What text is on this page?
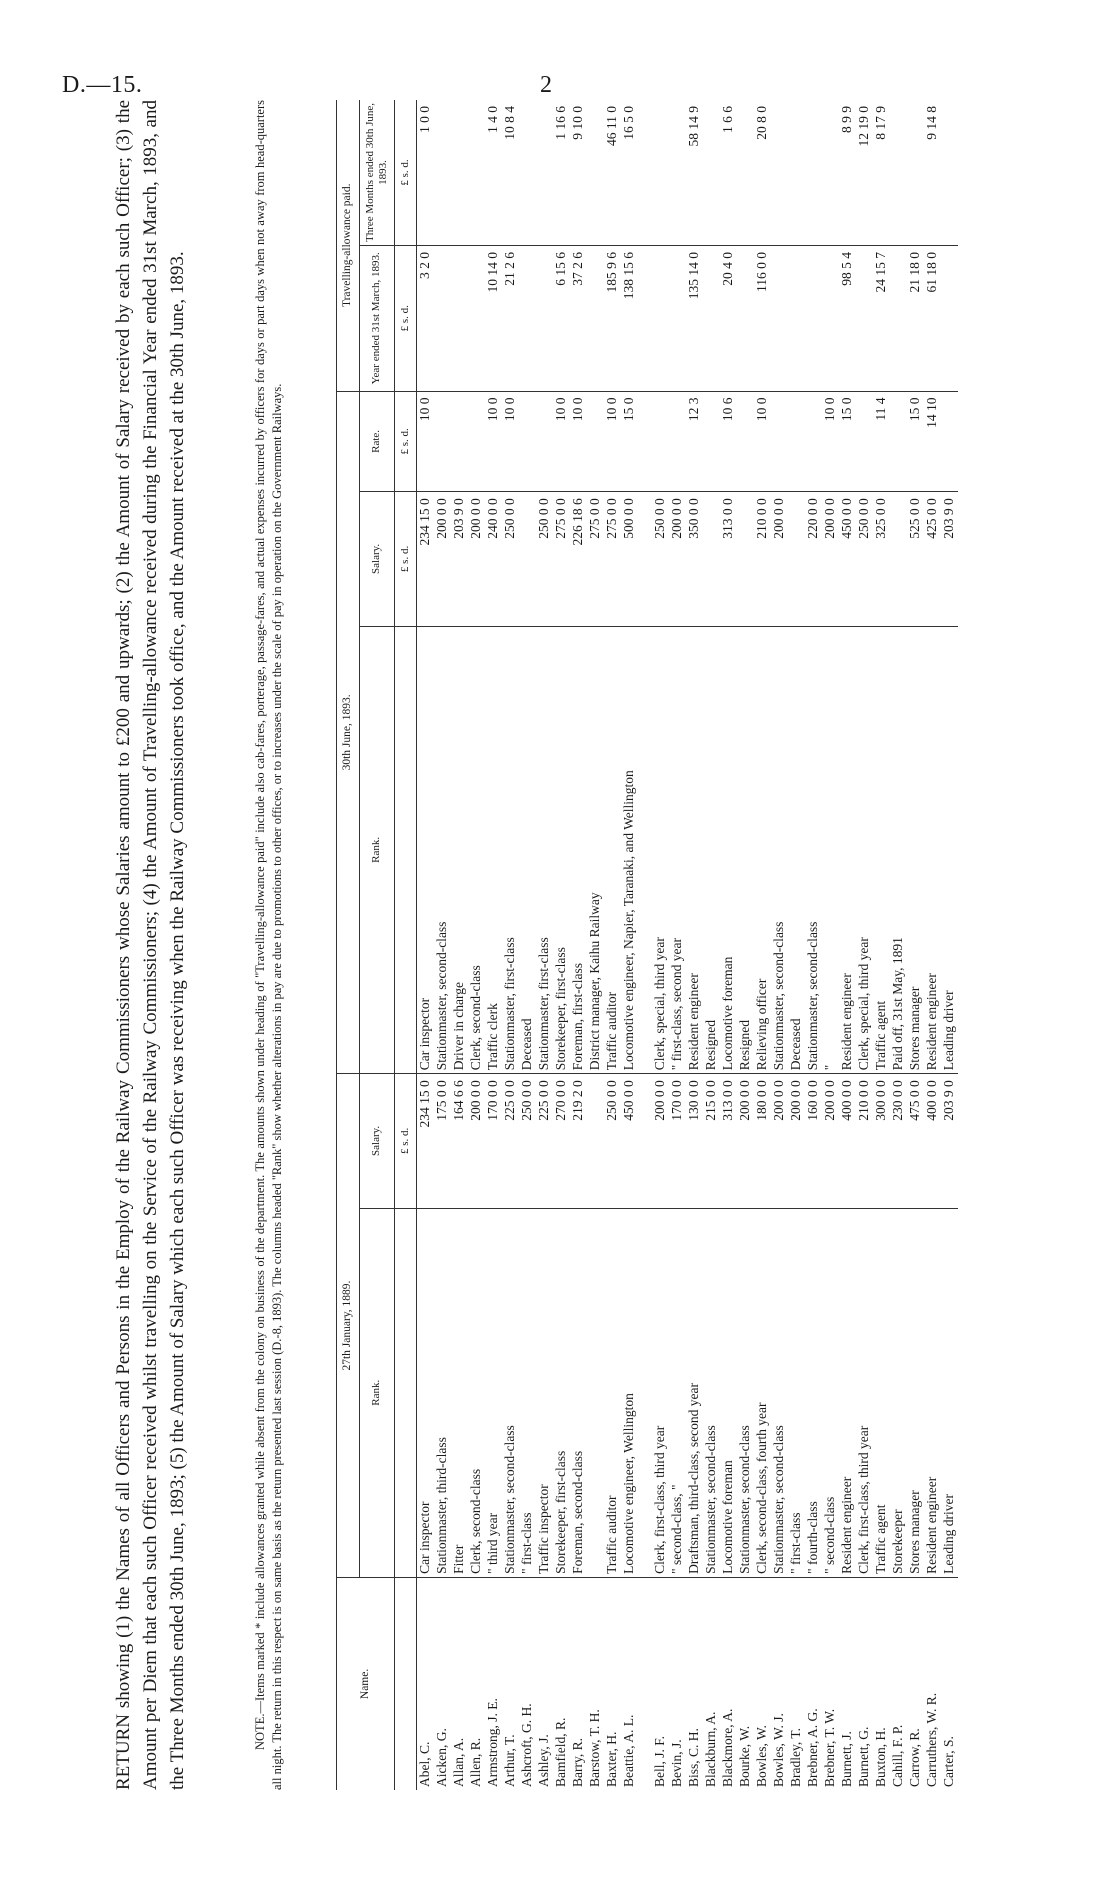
D.—15.	2
RETURN showing (1) the Names of all Officers and Persons in the Employ of the Railway Commissioners whose Salaries amount to £200 and upwards; (2) the Amount of Salary received by each such Officer; (3) the Amount per Diem that each such Officer received whilst travelling on the Service of the Railway Commissioners; (4) the Amount of Travelling-allowance received during the Financial Year ended 31st March, 1893, and the Three Months ended 30th June, 1893; (5) the Amount of Salary which each such Officer was receiving when the Railway Commissioners took office, and the Amount received at the 30th June, 1893.	NOTE.—Items marked * include allowances granted while absent from the colony on business of the department. The amounts shown under heading of "Travelling-allowance paid" include also cab-fares, porterage, passage-fares, and actual expenses incurred by officers for days or part days when not away from head-quarters all night. The return in this respect is on same basis as the return presented last session (D.-8, 1893). The columns headed "Rank" show whether alterations in pay are due to promotions to other offices, or to increases under the scale of pay in operation on the Government Railways.	Name.	27th January, 1889.		30th June, 1893.			Travelling-allowance paid.	
	Rank.	Salary.	Rank.	Salary.	Rate.	Year ended 31st March, 1893.	Three Months ended 30th June, 1893.
		£ s. d.		£ s. d.	£ s. d.	£ s. d.	£ s. d.
Abel, C.	Car inspector	234 15 0	Car inspector	234 15 0	10 0	3 2 0	1 0 0
Aicken, G.	Stationmaster, third-class	175 0 0	Stationmaster, second-class	200 0 0			
Allan, A.	Fitter	164 6 6	Driver in charge	203 9 0			
Allen, R.	Clerk, second-class	200 0 0	Clerk, second-class	200 0 0			
Armstrong, J. E.	" third year	170 0 0	Traffic clerk	240 0 0	10 0	10 14 0	1 4 0
Arthur, T.	Stationmaster, second-class	225 0 0	Stationmaster, first-class	250 0 0	10 0	21 2 6	10 8 4
Ashcroft, G. H.	" first-class	250 0 0	Deceased				
Ashley, J.	Traffic inspector	225 0 0	Stationmaster, first-class	250 0 0			
Bamfield, R.	Storekeeper, first-class	270 0 0	Storekeeper, first-class	275 0 0	10 0	6 15 6	1 16 6
Barry, R.	Foreman, second-class	219 2 0	Foreman, first-class	226 18 6	10 0	37 2 6	9 10 0
Barstow, T. H.			District manager, Kaihu Railway	275 0 0			
Baxter, H.	Traffic auditor	250 0 0	Traffic auditor	275 0 0	10 0	185 9 6	46 11 0
Beattie, A. L.	Locomotive engineer, Wellington	450 0 0	Locomotive engineer, Napier, Taranaki, and Wellington	500 0 0	15 0	138 15 6	16 5 0

Bell, J. F.	Clerk, first-class, third year	200 0 0	Clerk, special, third year	250 0 0			
Bevin, J.	" second-class, "	170 0 0	" first-class, second year	200 0 0			
Biss, C. H.	Draftsman, third-class, second year	130 0 0	Resident engineer	350 0 0	12 3	135 14 0	58 14 9
Blackburn, A.	Stationmaster, second-class	215 0 0	Resigned				
Blackmore, A.	Locomotive foreman	313 0 0	Locomotive foreman	313 0 0	10 6	20 4 0	1 6 6
Bourke, W.	Stationmaster, second-class	200 0 0	Resigned				
Bowles, W.	Clerk, second-class, fourth year	180 0 0	Relieving officer	210 0 0	10 0	116 0 0	20 8 0
Bowles, W. J.	Stationmaster, second-class	200 0 0	Stationmaster, second-class	200 0 0			
Bradley, T.	" first-class	200 0 0	Deceased				
Brebner, A. G.	" fourth-class	160 0 0	Stationmaster, second-class	220 0 0			
Brebner, T. W.	" second-class	200 0 0	"	200 0 0	10 0		
Burnett, J.	Resident engineer	400 0 0	Resident engineer	450 0 0	15 0	98 5 4	8 9 9
Burnett, G.	Clerk, first-class, third year	210 0 0	Clerk, special, third year	250 0 0			12 19 0
Buxton, H.	Traffic agent	300 0 0	Traffic agent	325 0 0	11 4	24 15 7	8 17 9
Cahill, F. P.	Storekeeper	230 0 0	Paid off, 31st May, 1891				
Carrow, R.	Stores manager	475 0 0	Stores manager	525 0 0	15 0	21 18 0	
Carruthers, W. R.	Resident engineer	400 0 0	Resident engineer	425 0 0	14 10	61 18 0	9 14 8
Carter, S.	Leading driver	203 9 0	Leading driver	203 9 0			
